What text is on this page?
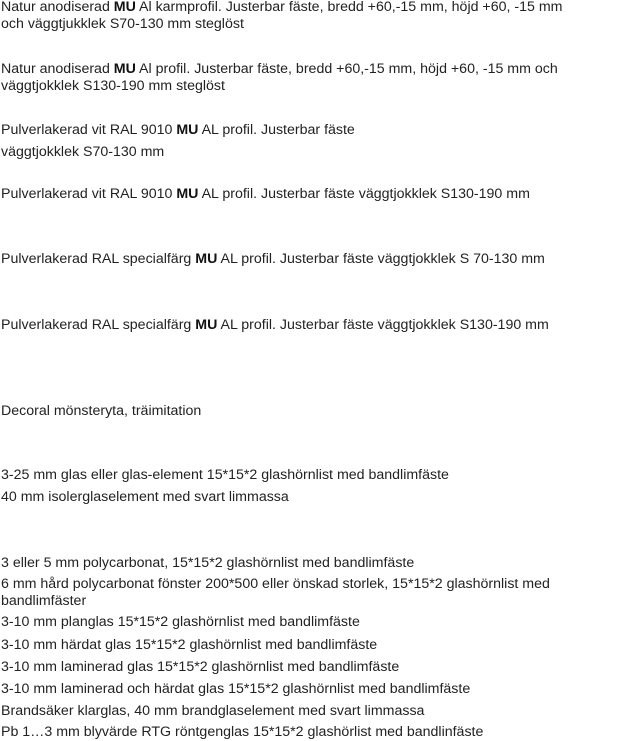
Natur anodiserad MU Al karmprofil. Justerbar fäste, bredd +60,-15 mm, höjd +60, -15 mm
och väggtjukklek S70-130 mm steglöst
Natur anodiserad MU Al profil. Justerbar fäste, bredd +60,-15 mm, höjd +60, -15 mm och
väggtjokklek S130-190 mm steglöst
Pulverlakerad vit RAL 9010 MU AL profil. Justerbar fäste
väggtjokklek S70-130 mm
Pulverlakerad vit RAL 9010 MU AL profil. Justerbar fäste väggtjokklek S130-190 mm
Pulverlakerad RAL specialfärg MU AL profil. Justerbar fäste väggtjokklek S 70-130 mm
Pulverlakerad RAL specialfärg MU AL profil. Justerbar fäste väggtjokklek S130-190 mm
Decoral mönsteryta, träimitation
3-25 mm glas eller glas-element 15*15*2 glashörnlist med bandlimfäste
40 mm isolerglaselement med svart limmassa
3 eller 5 mm polycarbonat, 15*15*2 glashörnlist med bandlimfäste
6 mm hård polycarbonat fönster 200*500 eller önskad storlek, 15*15*2 glashörnlist med
bandlimfäster
3-10 mm planglas 15*15*2 glashörnlist med bandlimfäste
3-10 mm härdat glas 15*15*2 glashörnlist med bandlimfäste
3-10 mm laminerad glas 15*15*2 glashörnlist med bandlimfäste
3-10 mm laminerad och härdat glas 15*15*2 glashörnlist med bandlimfäste
Brandsäker klarglas, 40 mm brandglaselement med svart limmassa
Pb 1…3 mm blyvärde RTG röntgenglas 15*15*2 glashörlist med bandlinfäste
